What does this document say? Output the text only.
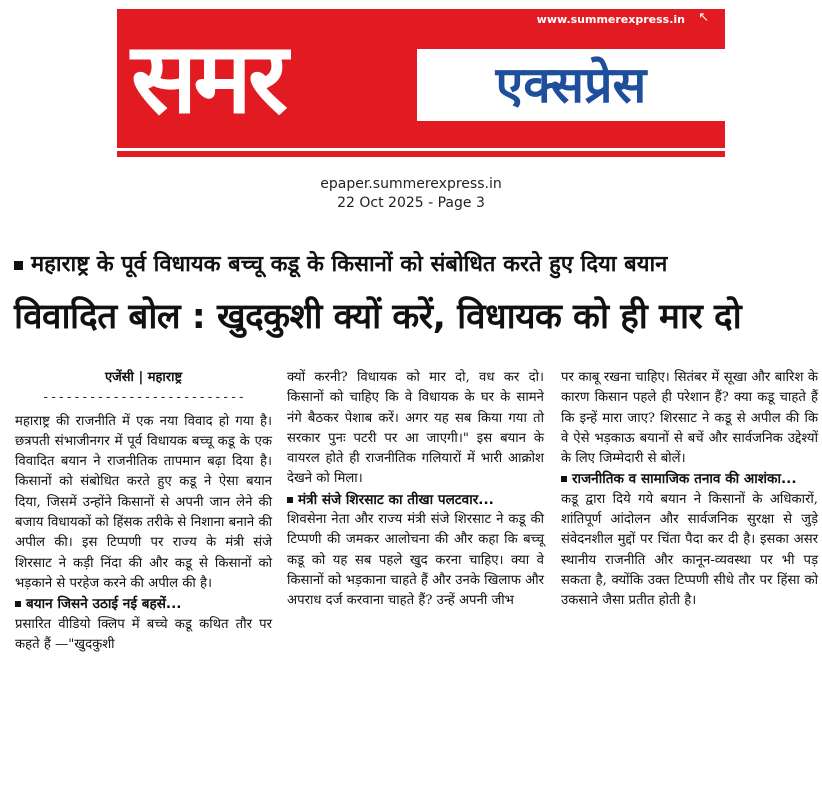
www.summerexpress.in ↖
समर	एक्सप्रेस
epaper.summerexpress.in
22 Oct 2025 - Page 3
महाराष्ट्र के पूर्व विधायक बच्चू कडू के किसानों को संबोधित करते हुए दिया बयान
विवादित बोल : खुदकुशी क्यों करें, विधायक को ही मार दो
एजेंसी | महाराष्ट्र
--------------------------

महाराष्ट्र की राजनीति में एक नया विवाद हो गया है। छत्रपती संभाजीनगर में पूर्व विधायक बच्चू कडू के एक विवादित बयान ने राजनीतिक तापमान बढ़ा दिया है। किसानों को संबोधित करते हुए कडू ने ऐसा बयान दिया, जिसमें उन्होंने किसानों से अपनी जान लेने की बजाय विधायकों को हिंसक तरीके से निशाना बनाने की अपील की। इस टिप्पणी पर राज्य के मंत्री संजे शिरसाट ने कड़ी निंदा की और कडू से किसानों को भड़काने से परहेज करने की अपील की है।

बयान जिसने उठाई नई बहसें...

प्रसारित वीडियो क्लिप में बच्चे कडू कथित तौर पर कहते हैं —"खुदकुशी

क्यों करनी? विधायक को मार दो, वध कर दो। किसानों को चाहिए कि वे विधायक के घर के सामने नंगे बैठकर पेशाब करें। अगर यह सब किया गया तो सरकार पुनः पटरी पर आ जाएगी।" इस बयान के वायरल होते ही राजनीतिक गलियारों में भारी आक्रोश देखने को मिला।

मंत्री संजे शिरसाट का तीखा पलटवार...

शिवसेना नेता और राज्य मंत्री संजे शिरसाट ने कडू की टिप्पणी की जमकर आलोचना की और कहा कि बच्चू कडू को यह सब पहले खुद करना चाहिए। क्या वे किसानों को भड़काना चाहते हैं और उनके खिलाफ और अपराध दर्ज करवाना चाहते हैं? उन्हें अपनी जीभ

पर काबू रखना चाहिए। सितंबर में सूखा और बारिश के कारण किसान पहले ही परेशान हैं? क्या कडू चाहते हैं कि इन्हें मारा जाए? शिरसाट ने कडू से अपील की कि वे ऐसे भड़काऊ बयानों से बचें और सार्वजनिक उद्देश्यों के लिए जिम्मेदारी से बोलें।

राजनीतिक व सामाजिक तनाव की आशंका...

कडू द्वारा दिये गये बयान ने किसानों के अधिकारों, शांतिपूर्ण आंदोलन और सार्वजनिक सुरक्षा से जुड़े संवेदनशील मुद्दों पर चिंता पैदा कर दी है। इसका असर स्थानीय राजनीति और कानून-व्यवस्था पर भी पड़ सकता है, क्योंकि उक्त टिप्पणी सीधे तौर पर हिंसा को उकसाने जैसा प्रतीत होती है।
